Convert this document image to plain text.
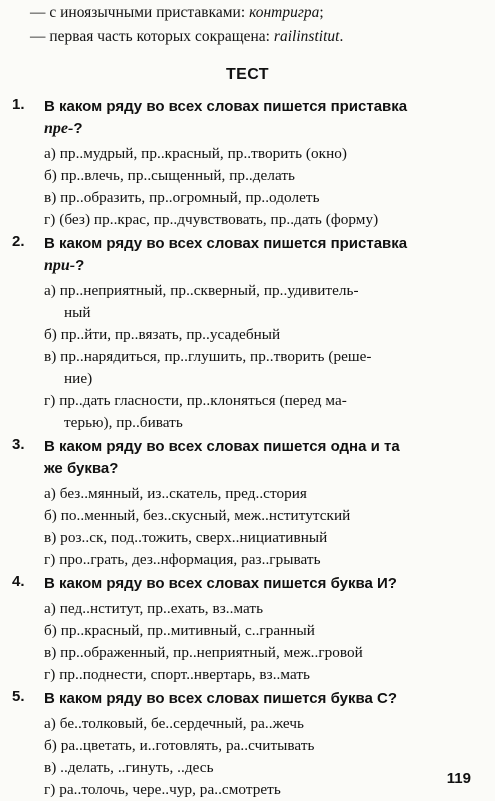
— с иноязычными приставками: контригра;
— первая часть которых сокращена: railinstitut.
ТЕСТ
1. В каком ряду во всех словах пишется приставка
пре-?
а) пр..мудрый, пр..красный, пр..творить (окно)
б) пр..влечь, пр..сыщенный, пр..делать
в) пр..образить, пр..огромный, пр..одолеть
г) (без) пр..крас, пр..дчувствовать, пр..дать (форму)
2. В каком ряду во всех словах пишется приставка
при-?
а) пр..неприятный, пр..скверный, пр..удивитель-
ный
б) пр..йти, пр..вязать, пр..усадебный
в) пр..нарядиться, пр..глушить, пр..творить (реше-
ние)
г) пр..дать гласности, пр..клоняться (перед ма-
терью), пр..бивать
3. В каком ряду во всех словах пишется одна и та
же буква?
а) без..мянный, из..скатель, пред..стория
б) по..менный, без..скусный, меж..нститутский
в) роз..ск, под..тожить, сверх..нициативный
г) про..грать, дез..нформация, раз..грывать
4. В каком ряду во всех словах пишется буква И?
а) пед..нститут, пр..ехать, вз..мать
б) пр..красный, пр..митивный, с..гранный
в) пр..ображенный, пр..неприятный, меж..гровой
г) пр..поднести, спорт..нвертарь, вз..мать
5. В каком ряду во всех словах пишется буква С?
а) бе..толковый, бе..сердечный, ра..жечь
б) ра..цветать, и..готовлять, ра..считывать
в) ..делать, ..гинуть, ..десь
г) ра..толочь, чере..чур, ра..смотреть
119
